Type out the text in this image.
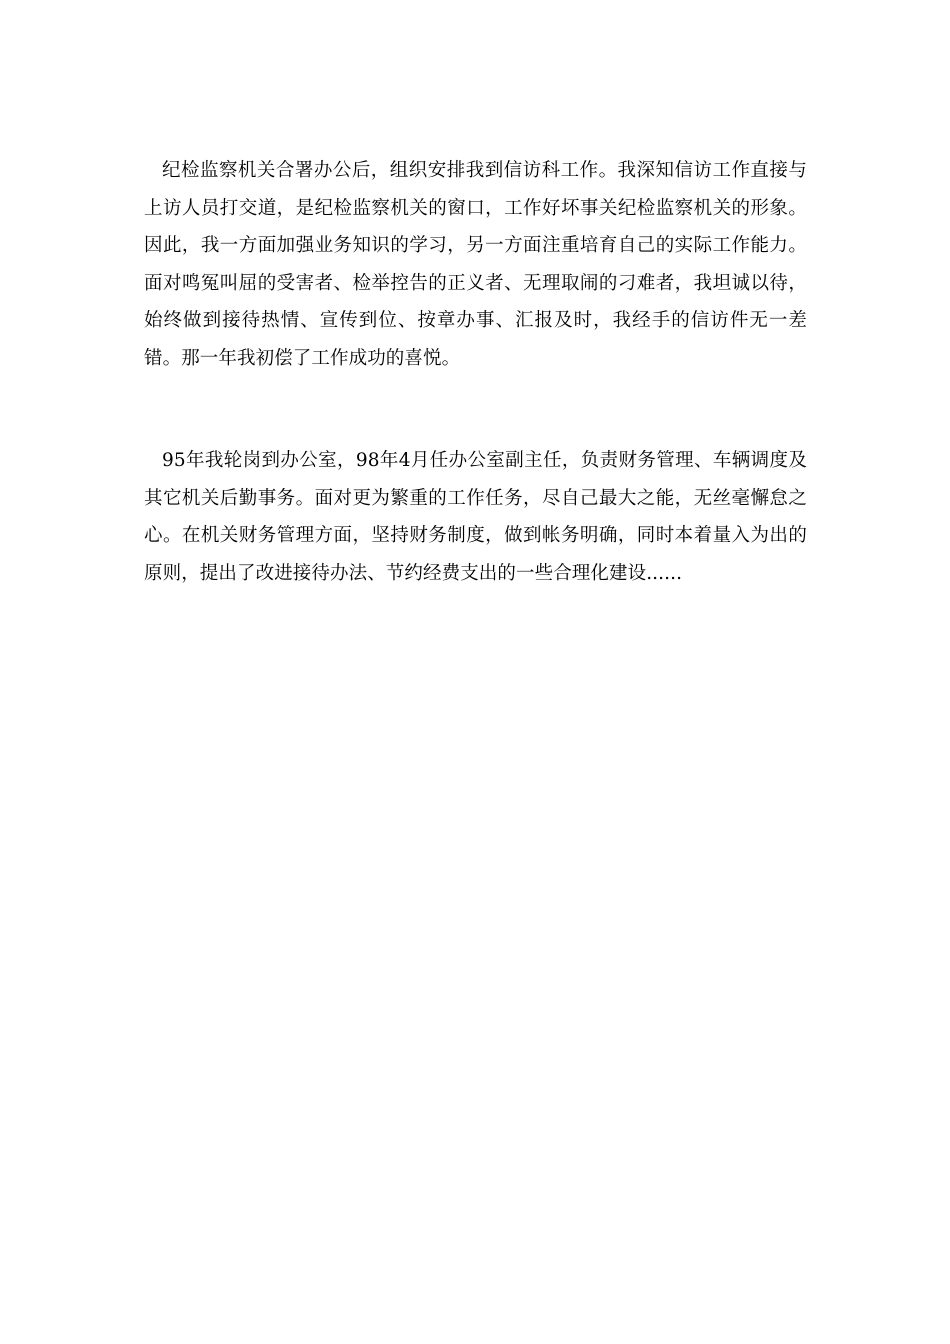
纪检监察机关合署办公后，组织安排我到信访科工作。我深知信访工作直接与上访人员打交道，是纪检监察机关的窗口，工作好坏事关纪检监察机关的形象。因此，我一方面加强业务知识的学习，另一方面注重培育自己的实际工作能力。面对鸣冤叫屈的受害者、检举控告的正义者、无理取闹的刁难者，我坦诚以待，始终做到接待热情、宣传到位、按章办事、汇报及时，我经手的信访件无一差错。那一年我初偿了工作成功的喜悦。

95年我轮岗到办公室，98年4月任办公室副主任，负责财务管理、车辆调度及其它机关后勤事务。面对更为繁重的工作任务，尽自己最大之能，无丝毫懈怠之心。在机关财务管理方面，坚持财务制度，做到帐务明确，同时本着量入为出的原则，提出了改进接待办法、节约经费支出的一些合理化建设......
